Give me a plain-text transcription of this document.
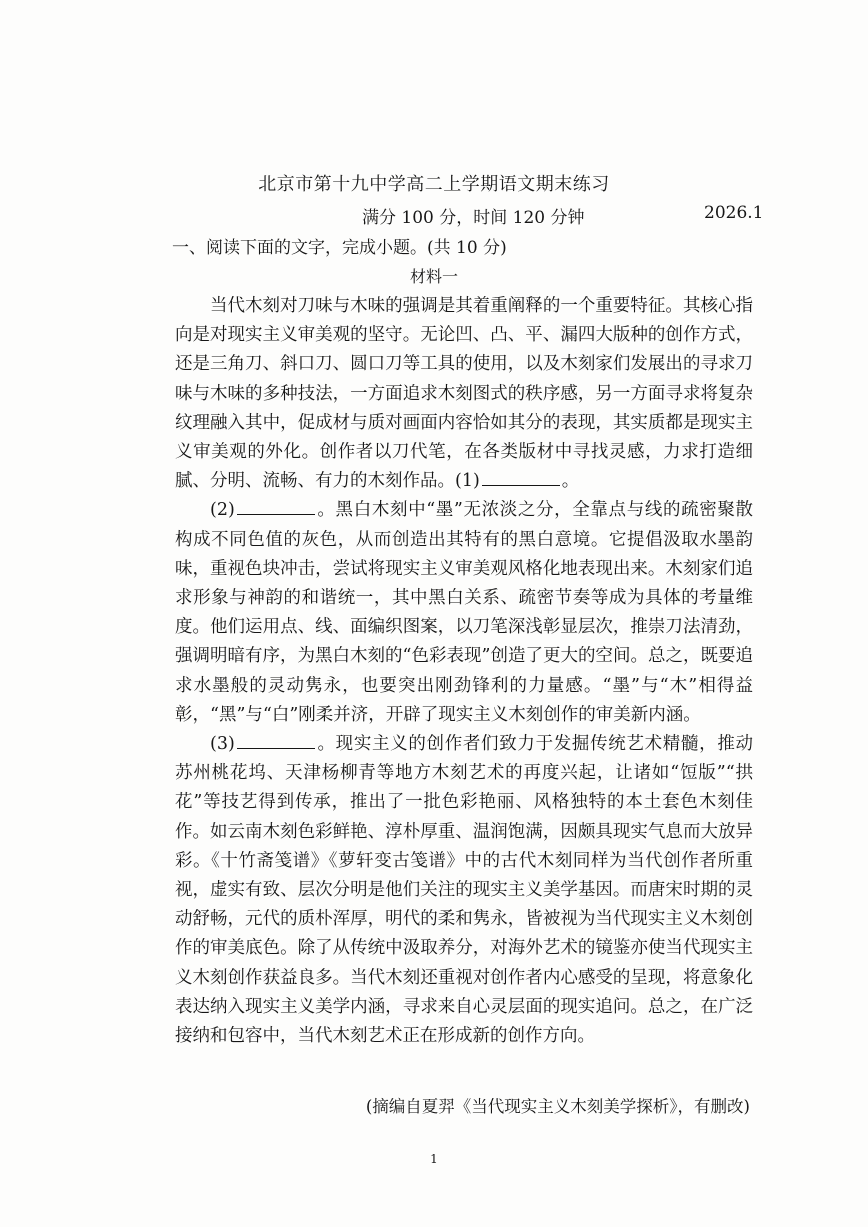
北京市第十九中学高二上学期语文期末练习
满分 100 分，时间 120 分钟	2026.1
一、阅读下面的文字，完成小题。(共 10 分)
材料一

当代木刻对刀味与木味的强调是其着重阐释的一个重要特征。其核心指向是对现实主义审美观的坚守。无论凹、凸、平、漏四大版种的创作方式，还是三角刀、斜口刀、圆口刀等工具的使用，以及木刻家们发展出的寻求刀味与木味的多种技法，一方面追求木刻图式的秩序感，另一方面寻求将复杂纹理融入其中，促成材与质对画面内容恰如其分的表现，其实质都是现实主义审美观的外化。创作者以刀代笔，在各类版材中寻找灵感，力求打造细腻、分明、流畅、有力的木刻作品。(1)	。

(2)	。黑白木刻中“墨”无浓淡之分，全靠点与线的疏密聚散构成不同色值的灰色，从而创造出其特有的黑白意境。它提倡汲取水墨韵味，重视色块冲击，尝试将现实主义审美观风格化地表现出来。木刻家们追求形象与神韵的和谐统一，其中黑白关系、疏密节奏等成为具体的考量维度。他们运用点、线、面编织图案，以刀笔深浅彰显层次，推崇刀法清劲，强调明暗有序，为黑白木刻的“色彩表现”创造了更大的空间。总之，既要追求水墨般的灵动隽永，也要突出刚劲锋利的力量感。“墨”与“木”相得益彰，“黑”与“白”刚柔并济，开辟了现实主义木刻创作的审美新内涵。

(3)	。现实主义的创作者们致力于发掘传统艺术精髓，推动苏州桃花坞、天津杨柳青等地方木刻艺术的再度兴起，让诸如“饾版”“拱花”等技艺得到传承，推出了一批色彩艳丽、风格独特的本土套色木刻佳作。如云南木刻色彩鲜艳、淳朴厚重、温润饱满，因颇具现实气息而大放异彩。《十竹斋笺谱》《萝轩变古笺谱》中的古代木刻同样为当代创作者所重视，虚实有致、层次分明是他们关注的现实主义美学基因。而唐宋时期的灵动舒畅，元代的质朴浑厚，明代的柔和隽永，皆被视为当代现实主义木刻创作的审美底色。除了从传统中汲取养分，对海外艺术的镜鉴亦使当代现实主义木刻创作获益良多。当代木刻还重视对创作者内心感受的呈现，将意象化表达纳入现实主义美学内涵，寻求来自心灵层面的现实追问。总之，在广泛接纳和包容中，当代木刻艺术正在形成新的创作方向。

(摘编自夏羿《当代现实主义木刻美学探析》，有删改)
1
